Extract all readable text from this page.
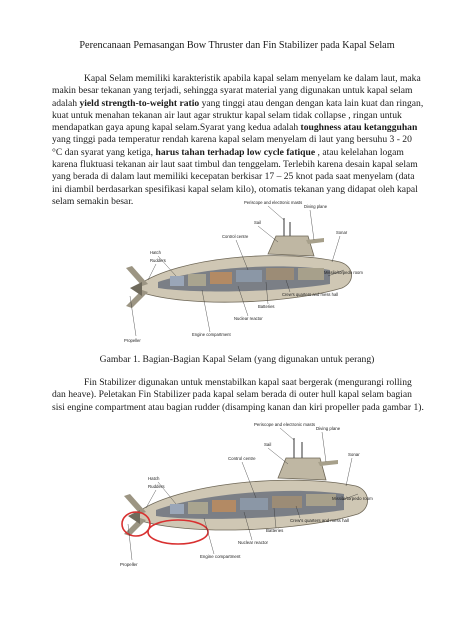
Perencanaan Pemasangan Bow Thruster dan Fin Stabilizer pada Kapal Selam
Kapal Selam memiliki karakteristik apabila kapal selam menyelam ke dalam laut, maka makin besar tekanan yang terjadi, sehingga syarat material yang digunakan untuk kapal selam adalah yield strength-to-weight ratio yang tinggi atau dengan dengan kata lain kuat dan ringan, kuat untuk menahan tekanan air laut agar struktur kapal selam tidak collapse , ringan untuk mendapatkan gaya apung kapal selam.Syarat yang kedua adalah toughness atau ketangguhan yang tinggi pada temperatur rendah karena kapal selam menyelam di laut yang bersuhu 3 - 20 °C dan syarat yang ketiga, harus tahan terhadap low cycle fatique , atau kelelahan logam karena fluktuasi tekanan air laut saat timbul dan tenggelam. Terlebih karena desain kapal selam yang berada di dalam laut memiliki kecepatan berkisar 17 – 25 knot pada saat menyelam (data ini diambil berdasarkan spesifikasi kapal selam kilo), otomatis tekanan yang didapat oleh kapal selam semakin besar.	Periscope and electronic masts
Diving plane
Sail
Control centre
Sonar
Hatch
Rudders
Missile/torpedo room
Crew's quarters and mess hall
Batteries
Nuclear reactor
Engine compartment
Propeller
Gambar 1. Bagian-Bagian Kapal Selam (yang digunakan untuk perang)
Fin Stabilizer digunakan untuk menstabilkan kapal saat bergerak (mengurangi rolling dan heave). Peletakan Fin Stabilizer pada kapal selam berada di outer hull kapal selam bagian sisi engine compartment atau bagian rudder (disamping kanan dan kiri propeller pada gambar 1).
Periscope and electronic masts
Diving plane
Sail
Control centre
Sonar
Hatch
Rudders
Missile/torpedo room
Crew's quarters and mess hall
Batteries
Nuclear reactor
Engine compartment
Propeller
